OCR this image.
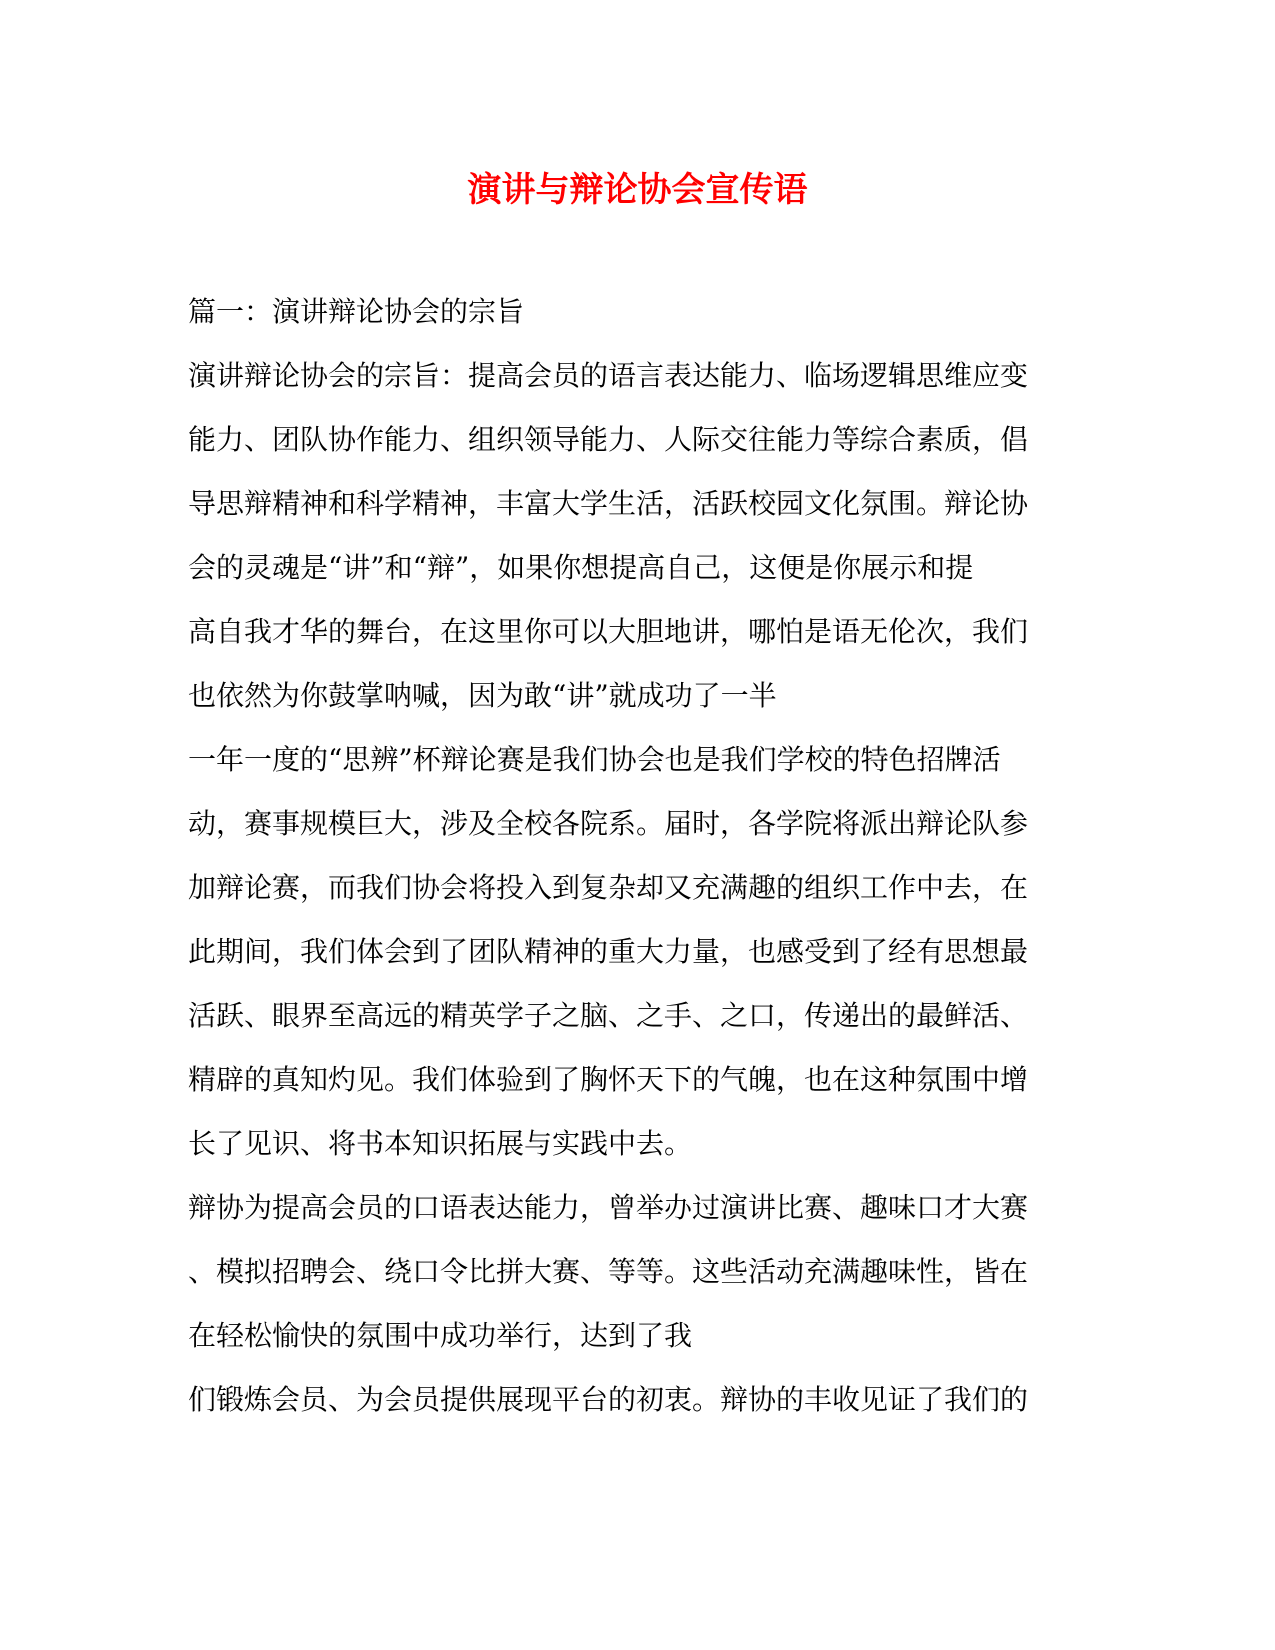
演讲与辩论协会宣传语

篇一：演讲辩论协会的宗旨

演讲辩论协会的宗旨：提高会员的语言表达能力、临场逻辑思维应变

能力、团队协作能力、组织领导能力、人际交往能力等综合素质，倡

导思辩精神和科学精神，丰富大学生活，活跃校园文化氛围。辩论协

会的灵魂是“讲”和“辩”，如果你想提高自己，这便是你展示和提

高自我才华的舞台，在这里你可以大胆地讲，哪怕是语无伦次，我们

也依然为你鼓掌呐喊，因为敢“讲”就成功了一半

一年一度的“思辨”杯辩论赛是我们协会也是我们学校的特色招牌活

动，赛事规模巨大，涉及全校各院系。届时，各学院将派出辩论队参

加辩论赛，而我们协会将投入到复杂却又充满趣的组织工作中去，在

此期间，我们体会到了团队精神的重大力量，也感受到了经有思想最

活跃、眼界至高远的精英学子之脑、之手、之口，传递出的最鲜活、

精辟的真知灼见。我们体验到了胸怀天下的气魄，也在这种氛围中增

长了见识、将书本知识拓展与实践中去。

辩协为提高会员的口语表达能力，曾举办过演讲比赛、趣味口才大赛

、模拟招聘会、绕口令比拼大赛、等等。这些活动充满趣味性，皆在

在轻松愉快的氛围中成功举行，达到了我

们锻炼会员、为会员提供展现平台的初衷。辩协的丰收见证了我们的
